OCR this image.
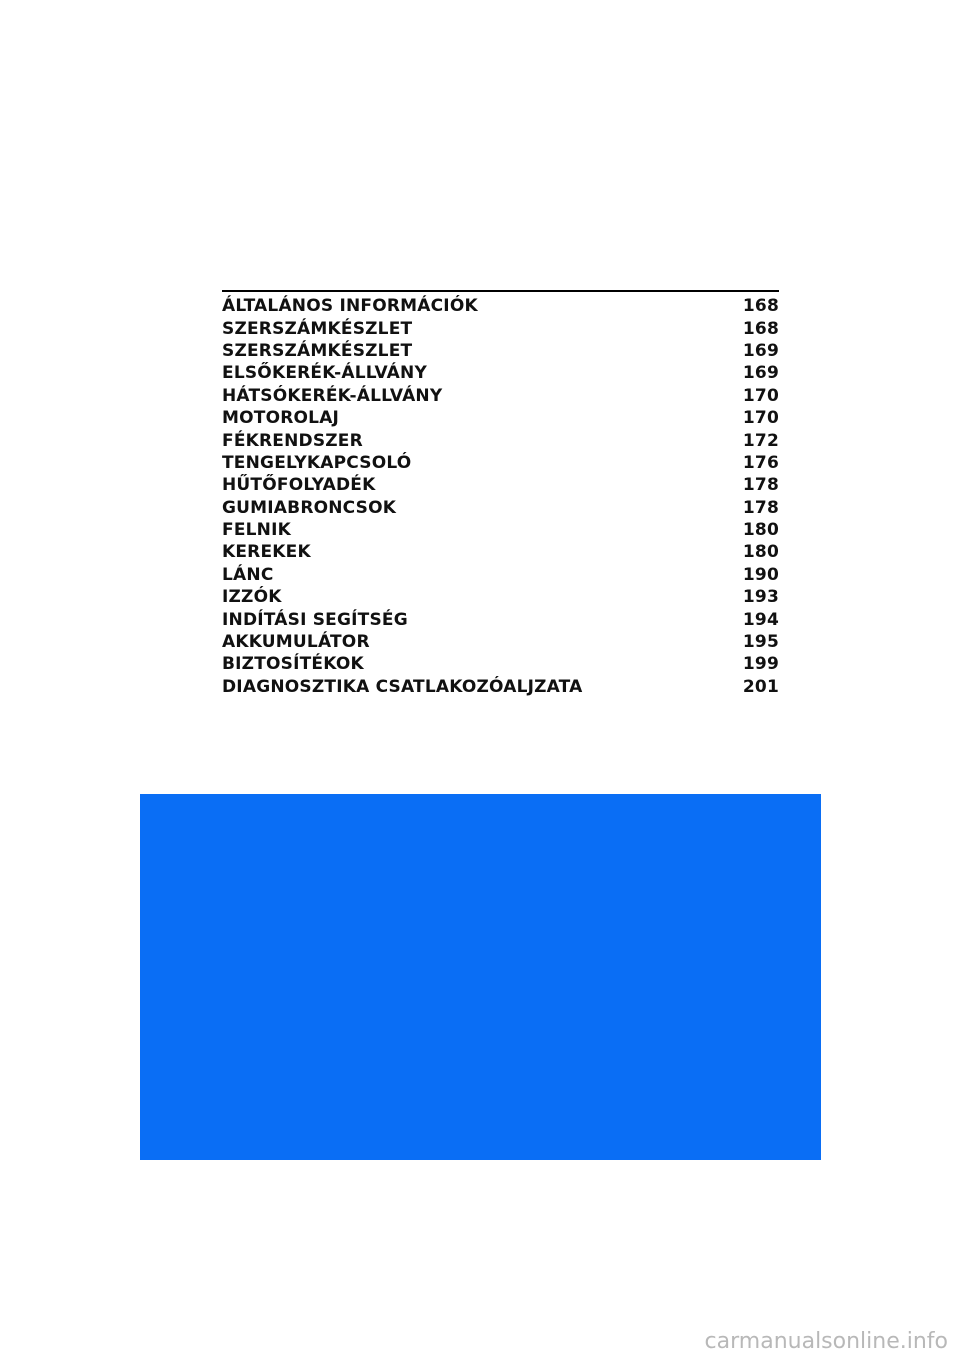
ÁLTALÁNOS INFORMÁCIÓK	168
SZERSZÁMKÉSZLET	168
SZERSZÁMKÉSZLET	169
ELSŐKERÉK-ÁLLVÁNY	169
HÁTSÓKERÉK-ÁLLVÁNY	170
MOTOROLAJ	170
FÉKRENDSZER	172
TENGELYKAPCSOLÓ	176
HŰTŐFOLYADÉK	178
GUMIABRONCSOK	178
FELNIK	180
KEREKEK	180
LÁNC	190
IZZÓK	193
INDÍTÁSI SEGÍTSÉG	194
AKKUMULÁTOR	195
BIZTOSÍTÉKOK	199
DIAGNOSZTIKA CSATLAKOZÓALJZATA	201
carmanualsonline.info
